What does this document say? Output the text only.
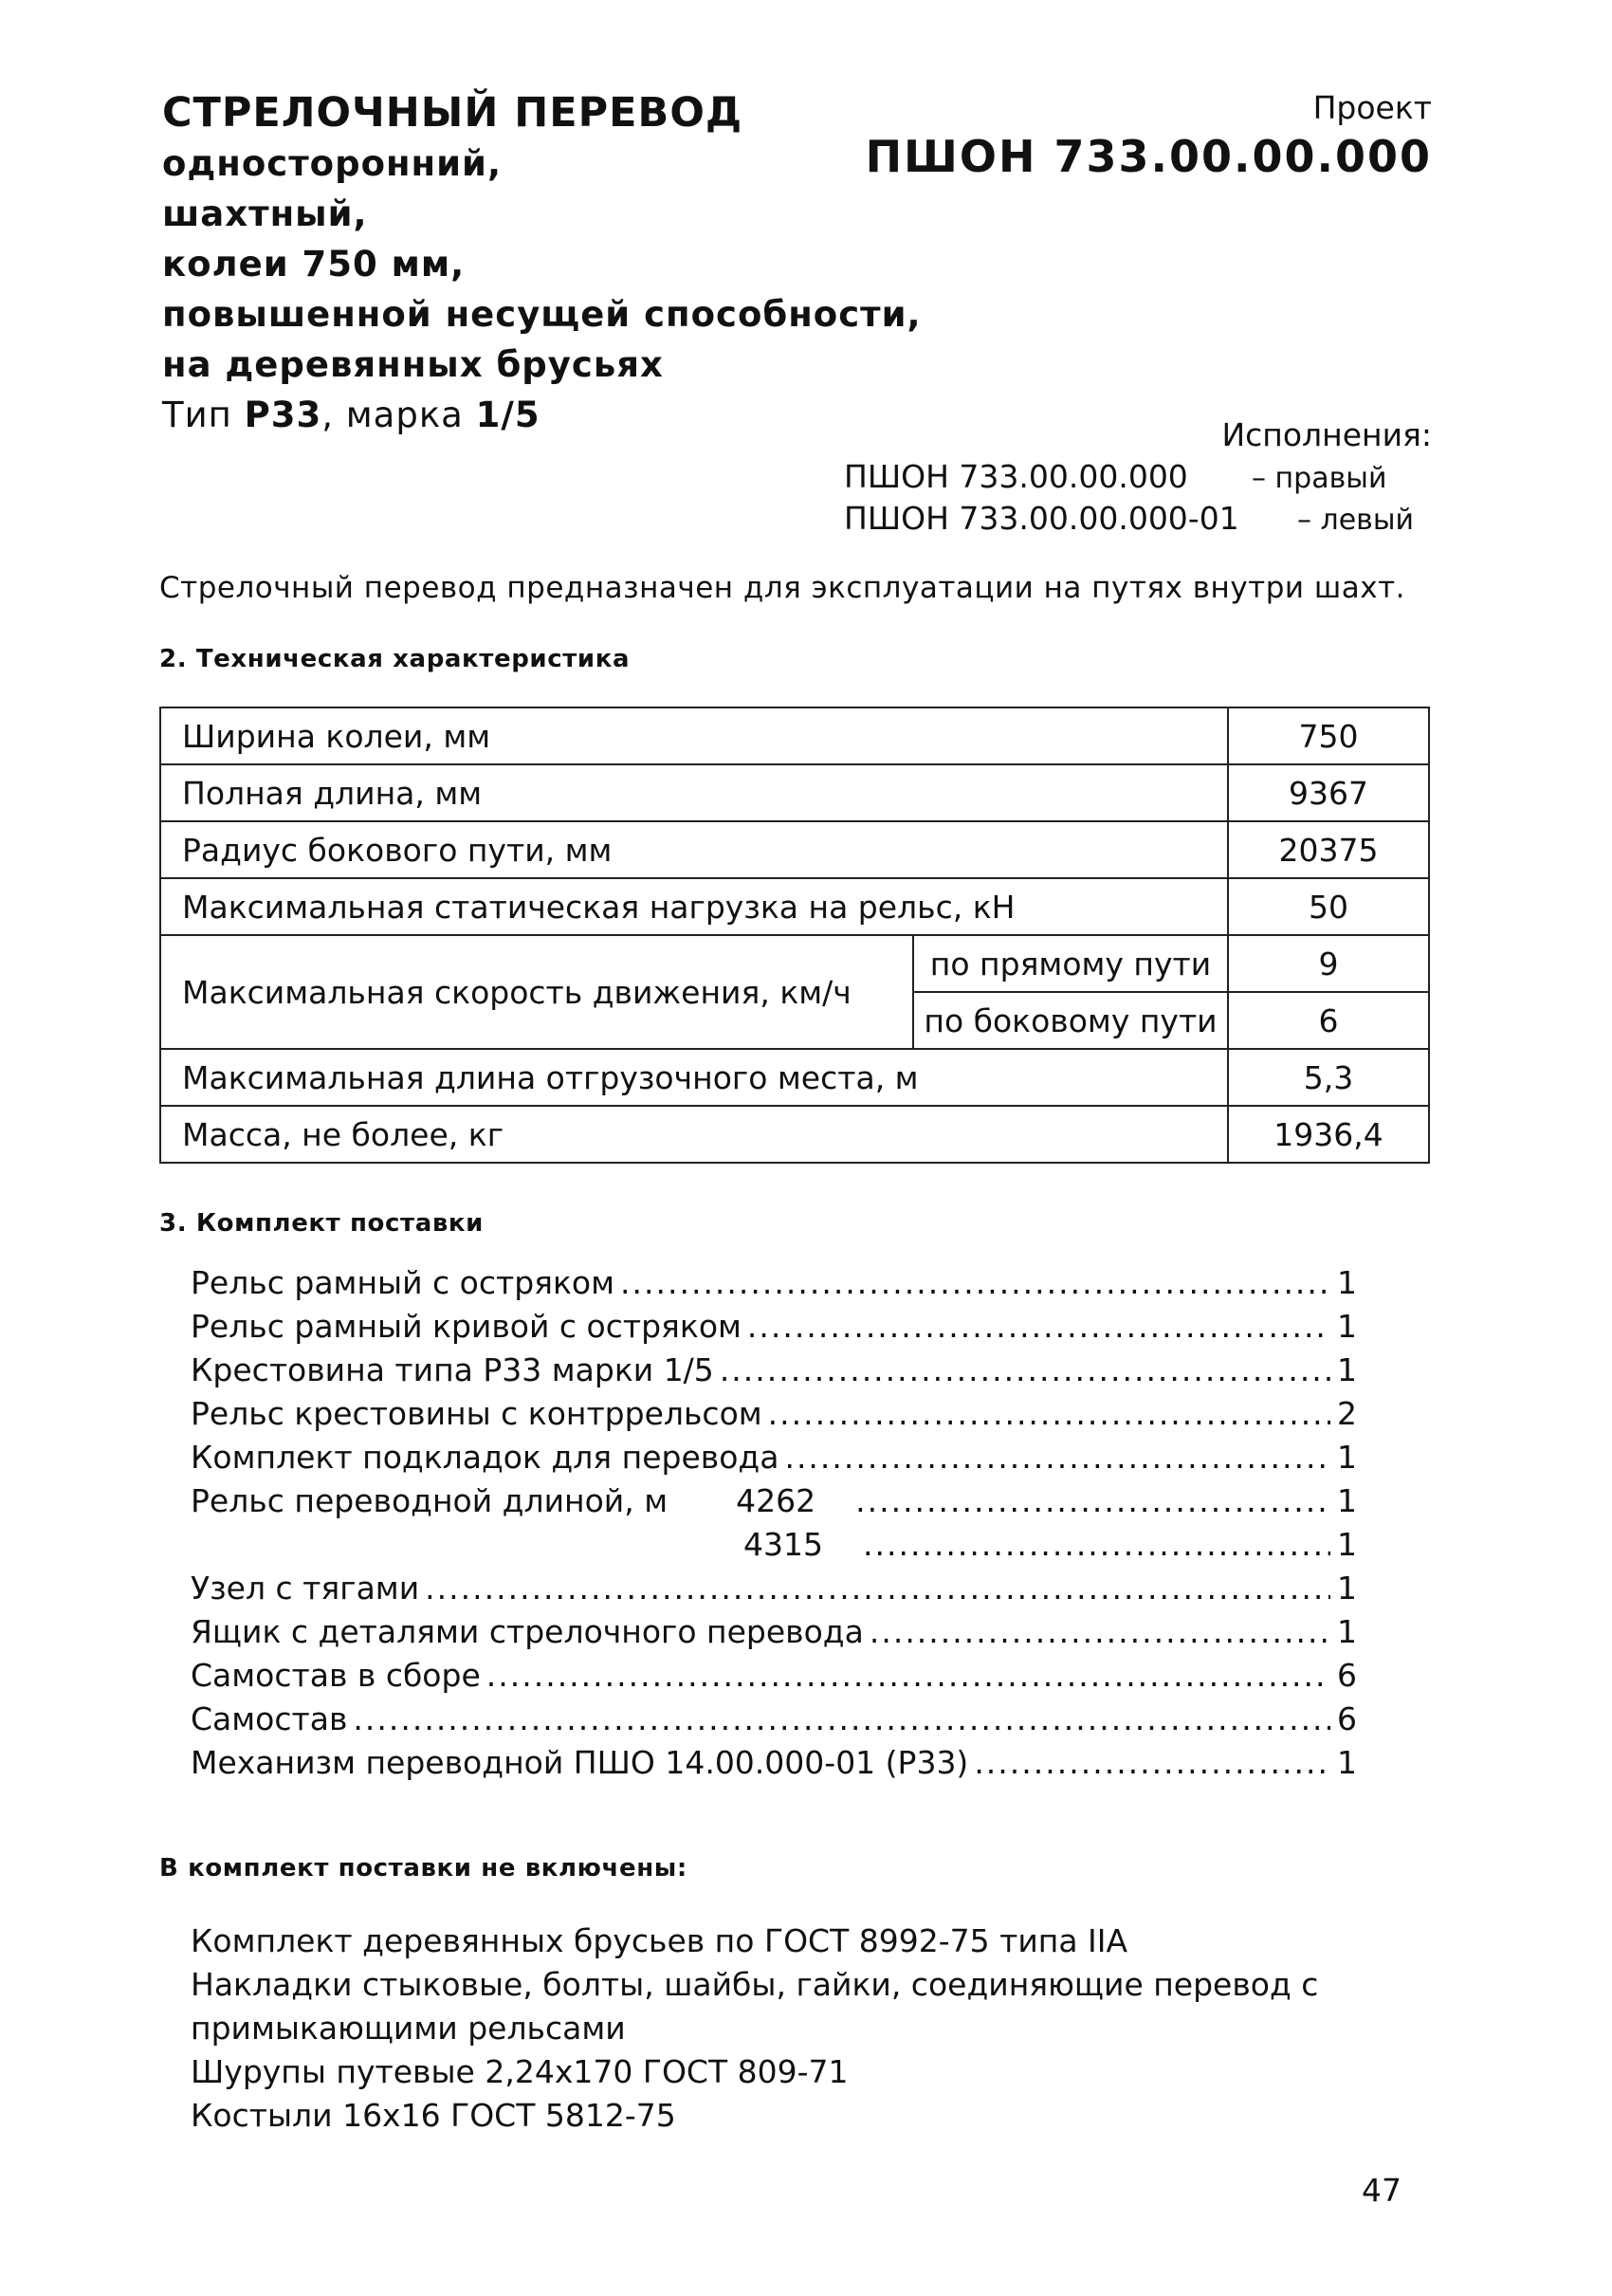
СТРЕЛОЧНЫЙ ПЕРЕВОД
односторонний,
шахтный,
колеи 750 мм,
повышенной несущей способности,
на деревянных брусьях
Тип Р33, марка 1/5
Проект
ПШОН 733.00.00.000
Исполнения:
ПШОН 733.00.00.000 – правый
ПШОН 733.00.00.000-01 – левый
Стрелочный перевод предназначен для эксплуатации на путях внутри шахт.
2. Техническая характеристика
Ширина колеи, мм		750
Полная длина, мм		9367
Радиус бокового пути, мм		20375
Максимальная статическая нагрузка на рельс, кН		50
Максимальная скорость движения, км/ч	по прямому пути	9
	по боковому пути	6
Максимальная длина отгрузочного места, м		5,3
Масса, не более, кг		1936,4
3. Комплект поставки
Рельс рамный с остряком .....	1
Рельс рамный кривой с остряком .....	1
Крестовина типа Р33 марки 1/5 .....	1
Рельс крестовины с контррельсом .....	2
Комплект подкладок для перевода .....	1
Рельс переводной длиной, м 4262 .....	1
4315 .....	1
Узел с тягами .....	1
Ящик с деталями стрелочного перевода .....	1
Самостав в сборе .....	6
Самостав .....	6
Механизм переводной ПШО 14.00.000-01 (Р33) .....	1
В комплект поставки не включены:
Комплект деревянных брусьев по ГОСТ 8992-75 типа IIА
Накладки стыковые, болты, шайбы, гайки, соединяющие перевод с
примыкающими рельсами
Шурупы путевые 2,24х170 ГОСТ 809-71
Костыли 16х16 ГОСТ 5812-75
47
